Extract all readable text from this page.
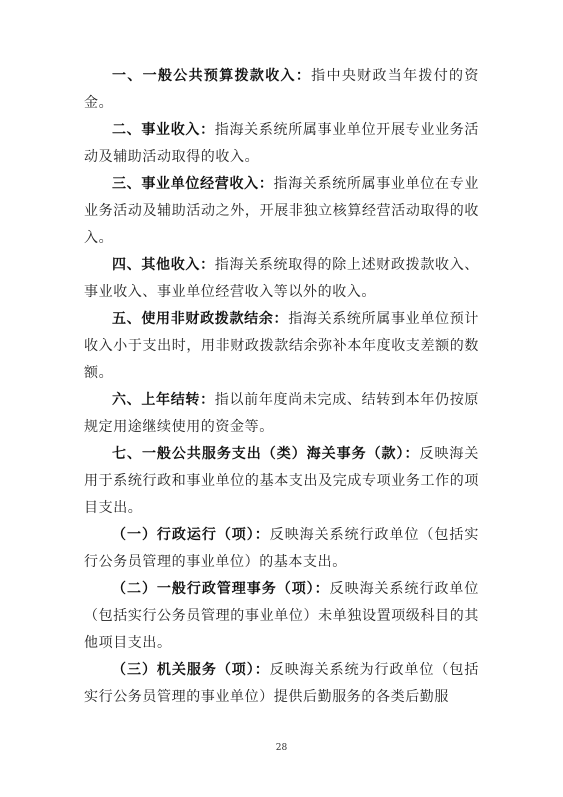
一、一般公共预算拨款收入：指中央财政当年拨付的资金。

二、事业收入：指海关系统所属事业单位开展专业业务活动及辅助活动取得的收入。

三、事业单位经营收入：指海关系统所属事业单位在专业业务活动及辅助活动之外，开展非独立核算经营活动取得的收入。

四、其他收入：指海关系统取得的除上述财政拨款收入、事业收入、事业单位经营收入等以外的收入。

五、使用非财政拨款结余：指海关系统所属事业单位预计收入小于支出时，用非财政拨款结余弥补本年度收支差额的数额。

六、上年结转：指以前年度尚未完成、结转到本年仍按原规定用途继续使用的资金等。

七、一般公共服务支出（类）海关事务（款）：反映海关用于系统行政和事业单位的基本支出及完成专项业务工作的项目支出。

（一）行政运行（项）：反映海关系统行政单位（包括实行公务员管理的事业单位）的基本支出。

（二）一般行政管理事务（项）：反映海关系统行政单位（包括实行公务员管理的事业单位）未单独设置项级科目的其他项目支出。

（三）机关服务（项）：反映海关系统为行政单位（包括实行公务员管理的事业单位）提供后勤服务的各类后勤服

28
